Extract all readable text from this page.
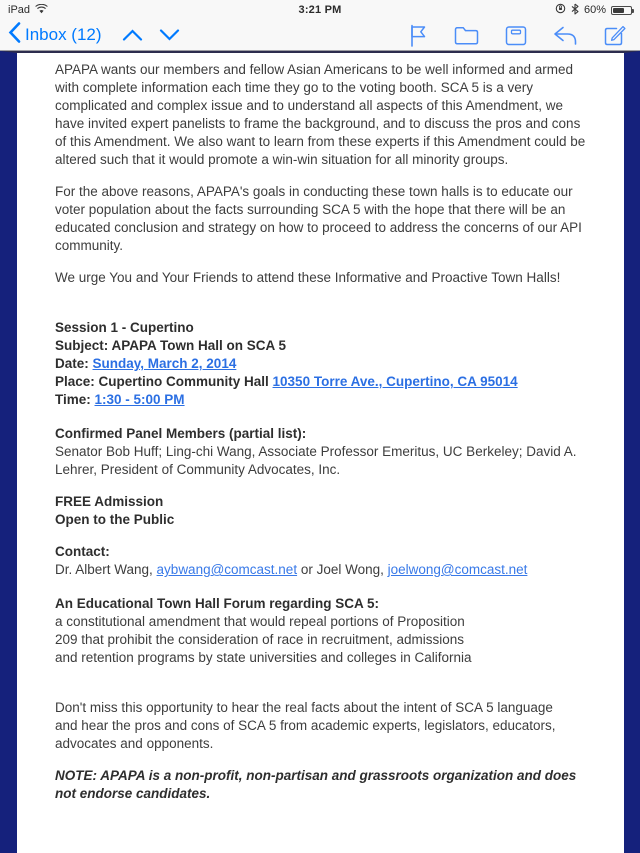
iPad	3:21 PM	60%
Inbox (12)

APAPA wants our members and fellow Asian Americans to be well informed and armed with complete information each time they go to the voting booth. SCA 5 is a very complicated and complex issue and to understand all aspects of this Amendment, we have invited expert panelists to frame the background, and to discuss the pros and cons of this Amendment. We also want to learn from these experts if this Amendment could be altered such that it would promote a win-win situation for all minority groups.

For the above reasons, APAPA's goals in conducting these town halls is to educate our voter population about the facts surrounding SCA 5 with the hope that there will be an educated conclusion and strategy on how to proceed to address the concerns of our API community.

We urge You and Your Friends to attend these Informative and Proactive Town Halls!

Session 1 - Cupertino
Subject: APAPA Town Hall on SCA 5
Date: Sunday, March 2, 2014
Place: Cupertino Community Hall 10350 Torre Ave., Cupertino, CA 95014
Time: 1:30 - 5:00 PM
Confirmed Panel Members (partial list):
Senator Bob Huff; Ling-chi Wang, Associate Professor Emeritus, UC Berkeley; David A. Lehrer, President of Community Advocates, Inc.
FREE Admission
Open to the Public
Contact:
Dr. Albert Wang, aybwang@comcast.net or Joel Wong, joelwong@comcast.net
An Educational Town Hall Forum regarding SCA 5:
a constitutional amendment that would repeal portions of Proposition
209 that prohibit the consideration of race in recruitment, admissions
and retention programs by state universities and colleges in California
Don't miss this opportunity to hear the real facts about the intent of SCA 5 language
and hear the pros and cons of SCA 5 from academic experts, legislators, educators, advocates and opponents.

NOTE: APAPA is a non-profit, non-partisan and grassroots organization and does not endorse candidates.
